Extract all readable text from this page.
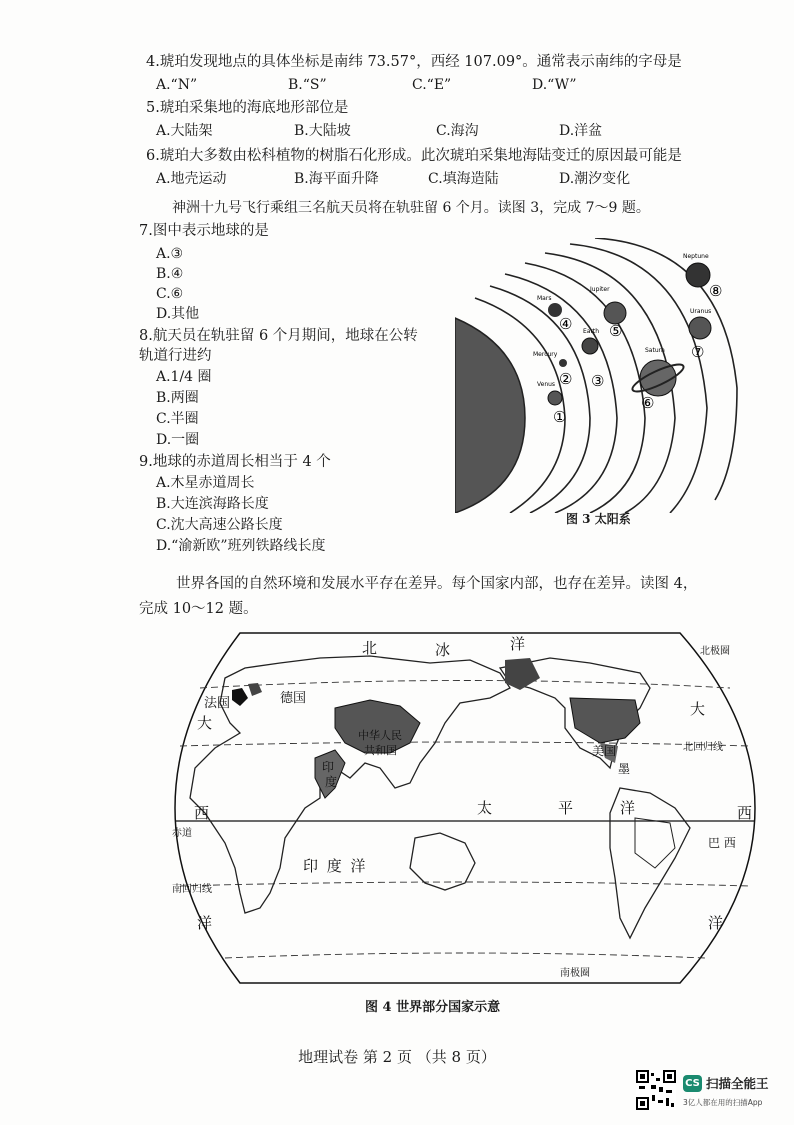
4.琥珀发现地点的具体坐标是南纬 73.57°，西经 107.09°。通常表示南纬的字母是
A.“N”	B.“S”	C.“E”	D.“W”
5.琥珀采集地的海底地形部位是
A.大陆架	B.大陆坡	C.海沟	D.洋盆
6.琥珀大多数由松科植物的树脂石化形成。此次琥珀采集地海陆变迁的原因最可能是
A.地壳运动	B.海平面升降	C.填海造陆	D.潮汐变化
神洲十九号飞行乘组三名航天员将在轨驻留 6 个月。读图 3，完成 7～9 题。
7.图中表示地球的是
A.③
B.④
C.⑥
D.其他
8.航天员在轨驻留 6 个月期间，地球在公转
轨道行进约
A.1/4 圈
B.两圈
C.半圈
D.一圈
9.地球的赤道周长相当于 4 个
A.木星赤道周长
B.大连滨海路长度
C.沈大高速公路长度
D.“渝新欧”班列铁路线长度
Mercury
Venus
Earth
Mars
Jupiter
Saturn
Uranus
Neptune
①
② ③
④ ⑤
⑥
⑦
⑧
图 3 太阳系
世界各国的自然环境和发展水平存在差异。每个国家内部，也存在差异。读图 4，
完成 10～12 题。
北	冰	洋	北极圈
法国	德国
大
西
中华人民
共和国
印
度
美国
墨
北回归线
大
西
洋
太	平	洋
赤道
巴 西
印 度 洋
南回归线
洋
南极圈
图 4 世界部分国家示意
地理试卷 第 2 页 （共 8 页）
CS 扫描全能王
3亿人都在用的扫描App
